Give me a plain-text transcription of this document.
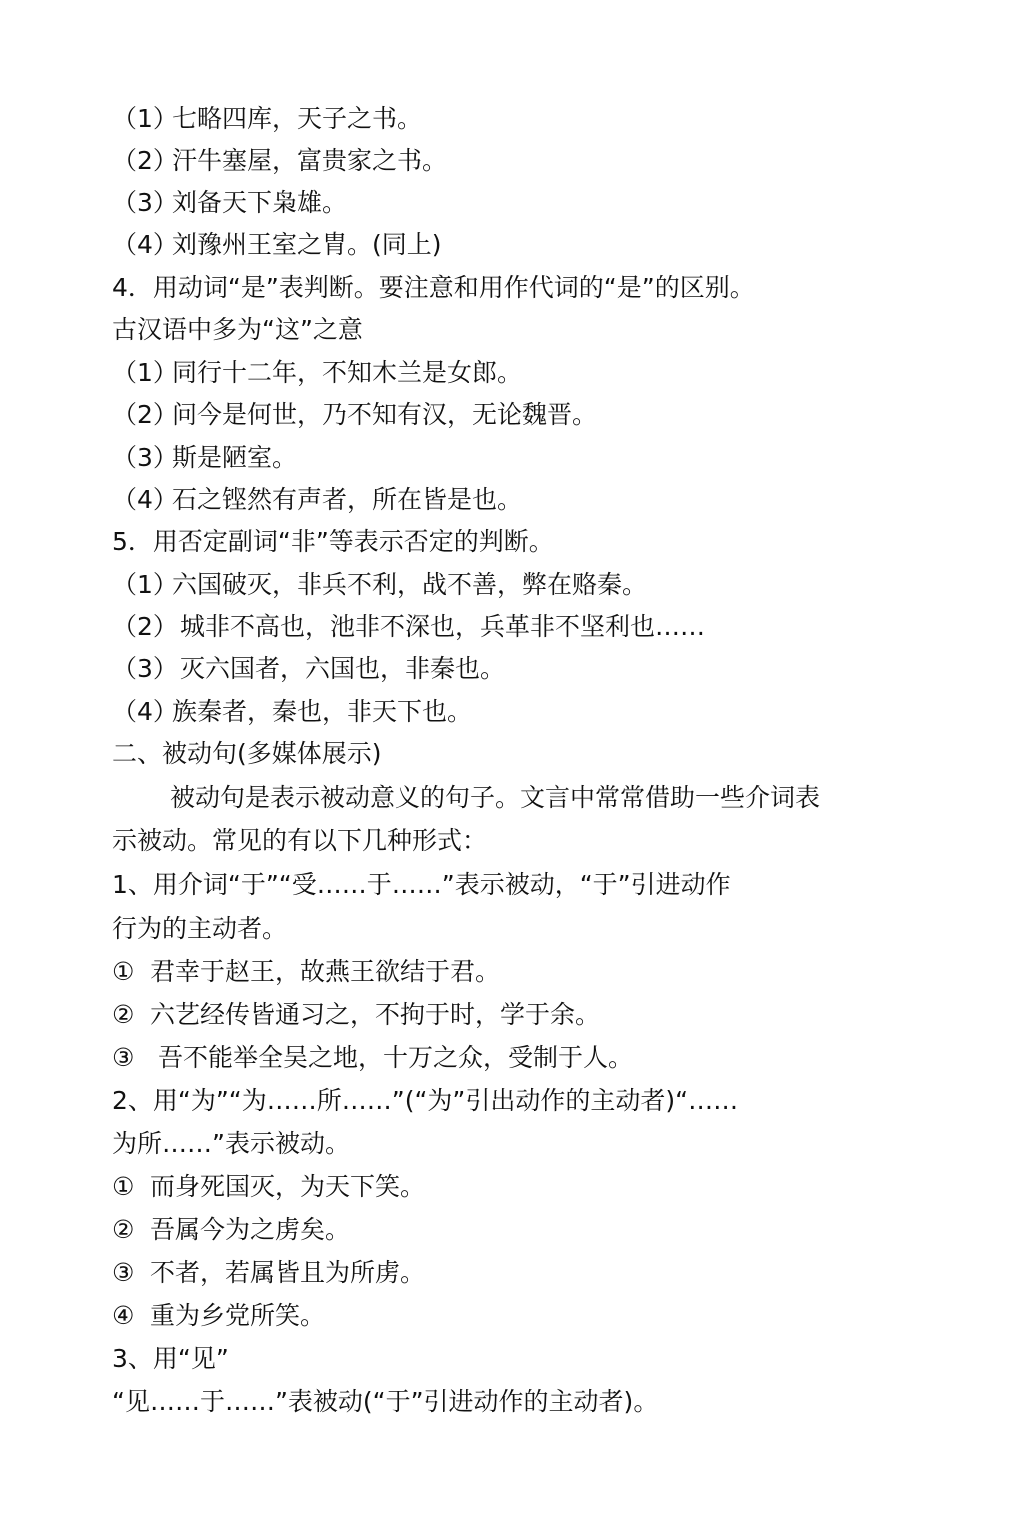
（1）七略四库，天子之书。
（2）汗牛塞屋，富贵家之书。
（3）刘备天下枭雄。
（4）刘豫州王室之胄。(同上)
4．用动词“是”表判断。要注意和用作代词的“是”的区别。
古汉语中多为“这”之意
（1）同行十二年，不知木兰是女郎。
（2）问今是何世，乃不知有汉，无论魏晋。
（3）斯是陋室。
（4）石之铿然有声者，所在皆是也。
5．用否定副词“非”等表示否定的判断。
（1）六国破灭，非兵不利，战不善，弊在赂秦。
（2） 城非不高也，池非不深也，兵革非不坚利也……
（3） 灭六国者，六国也，非秦也。
（4）族秦者，秦也，非天下也。
二、被动句(多媒体展示)
被动句是表示被动意义的句子。文言中常常借助一些介词表
示被动。常见的有以下几种形式：
1、用介词“于”“受……于……”表示被动，“于”引进动作
行为的主动者。
① 君幸于赵王，故燕王欲结于君。
② 六艺经传皆通习之，不拘于时，学于余。
③ 吾不能举全吴之地，十万之众，受制于人。
2、用“为”“为……所……”(“为”引出动作的主动者)“……
为所……”表示被动。
① 而身死国灭，为天下笑。
② 吾属今为之虏矣。
③ 不者，若属皆且为所虏。
④ 重为乡党所笑。
3、用“见”
“见……于……”表被动(“于”引进动作的主动者)。
